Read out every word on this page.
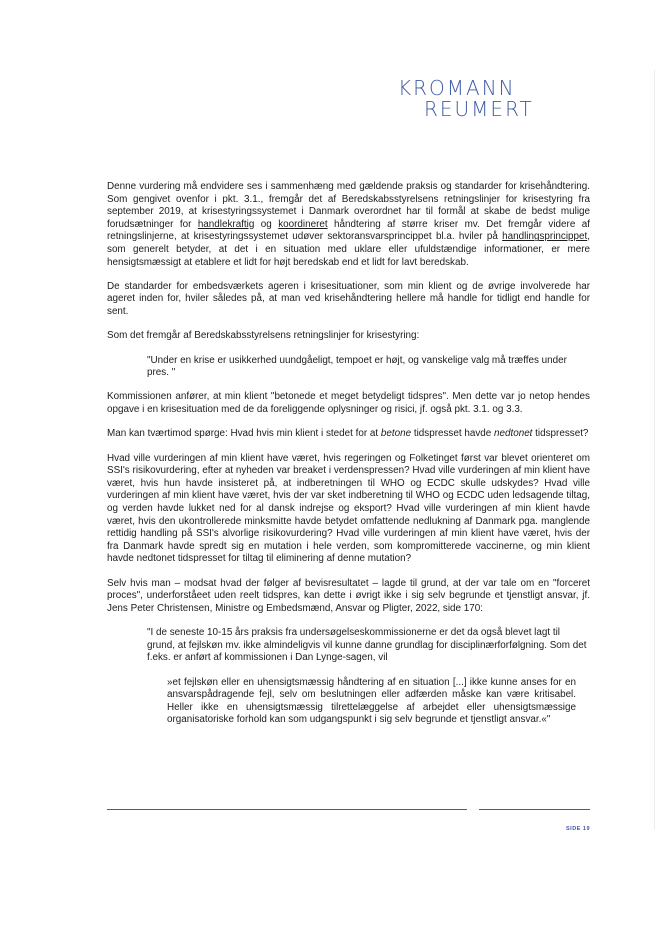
KROMANN
REUMERT

Denne vurdering må endvidere ses i sammenhæng med gældende praksis og standarder for krisehåndtering. Som gengivet ovenfor i pkt. 3.1., fremgår det af Beredskabsstyrelsens retningslinjer for krisestyring fra september 2019, at krisestyringssystemet i Danmark overordnet har til formål at skabe de bedst mulige forudsætninger for handlekraftig og koordineret håndtering af større kriser mv. Det fremgår videre af retningslinjerne, at krisestyringssystemet udøver sektoransvarsprincippet bl.a. hviler på handlingsprincippet, som generelt betyder, at det i en situation med uklare eller ufuldstændige informationer, er mere hensigtsmæssigt at etablere et lidt for højt beredskab end et lidt for lavt beredskab.

De standarder for embedsværkets ageren i krisesituationer, som min klient og de øvrige involverede har ageret inden for, hviler således på, at man ved krisehåndtering hellere må handle for tidligt end handle for sent.

Som det fremgår af Beredskabsstyrelsens retningslinjer for krisestyring:

"Under en krise er usikkerhed uundgåeligt, tempoet er højt, og vanskelige valg må træffes under pres. "

Kommissionen anfører, at min klient "betonede et meget betydeligt tidspres". Men dette var jo netop hendes opgave i en krisesituation med de da foreliggende oplysninger og risici, jf. også pkt. 3.1. og 3.3.

Man kan tværtimod spørge: Hvad hvis min klient i stedet for at betone tidspresset havde nedtonet tidspresset?

Hvad ville vurderingen af min klient have været, hvis regeringen og Folketinget først var blevet orienteret om SSI's risikovurdering, efter at nyheden var breaket i verdenspressen? Hvad ville vurderingen af min klient have været, hvis hun havde insisteret på, at indberetningen til WHO og ECDC skulle udskydes? Hvad ville vurderingen af min klient have været, hvis der var sket indberetning til WHO og ECDC uden ledsagende tiltag, og verden havde lukket ned for al dansk indrejse og eksport? Hvad ville vurderingen af min klient havde været, hvis den ukontrollerede minksmitte havde betydet omfattende nedlukning af Danmark pga. manglende rettidig handling på SSI's alvorlige risikovurdering? Hvad ville vurderingen af min klient have været, hvis der fra Danmark havde spredt sig en mutation i hele verden, som kompromitterede vaccinerne, og min klient havde nedtonet tidspresset for tiltag til eliminering af denne mutation?

Selv hvis man – modsat hvad der følger af bevisresultatet – lagde til grund, at der var tale om en "forceret proces", underforståeet uden reelt tidspres, kan dette i øvrigt ikke i sig selv begrunde et tjenstligt ansvar, jf. Jens Peter Christensen, Ministre og Embedsmænd, Ansvar og Pligter, 2022, side 170:

"I de seneste 10-15 års praksis fra undersøgelseskommissionerne er det da også blevet lagt til grund, at fejlskøn mv. ikke almindeligvis vil kunne danne grundlag for disciplinærforfølgning. Som det f.eks. er anført af kommissionen i Dan Lynge-sagen, vil

»et fejlskøn eller en uhensigtsmæssig håndtering af en situation [...] ikke kunne anses for en ansvarspådragende fejl, selv om beslutningen eller adfærden måske kan være kritisabel. Heller ikke en uhensigtsmæssig tilrettelæggelse af arbejdet eller uhensigtsmæssige organisatoriske forhold kan som udgangspunkt i sig selv begrunde et tjenstligt ansvar.«"

SIDE 19
